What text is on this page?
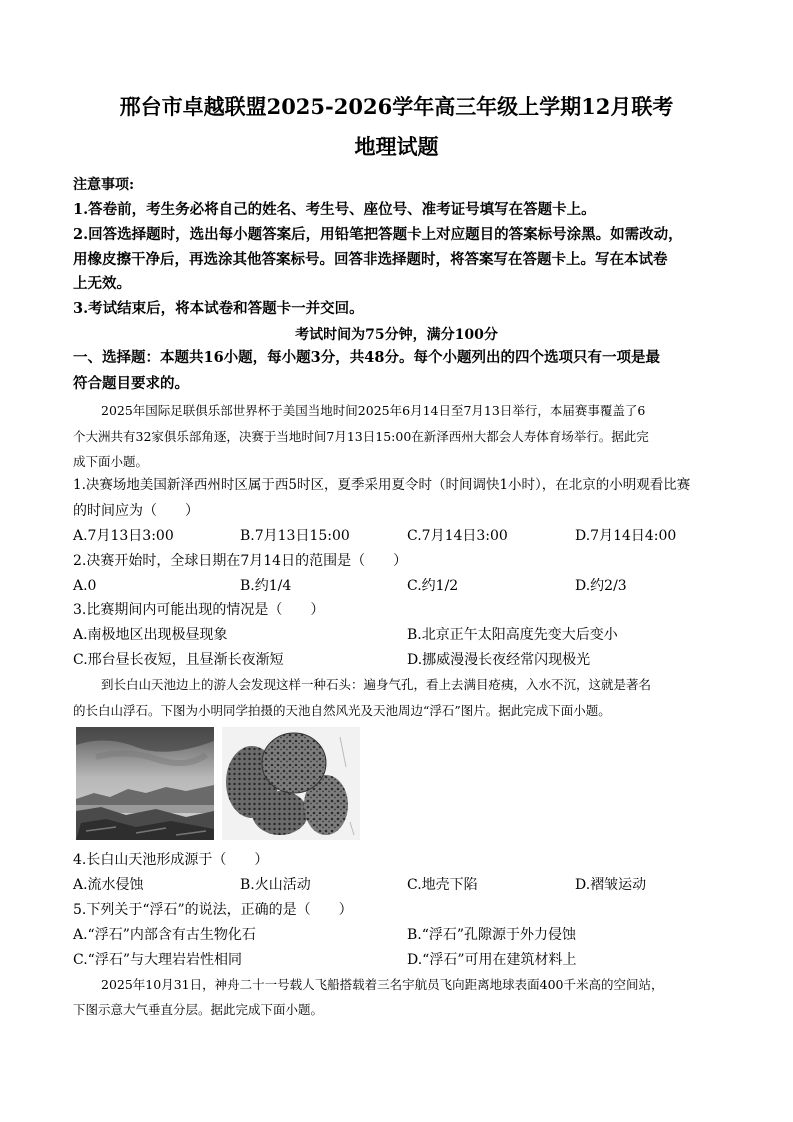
邢台市卓越联盟2025-2026学年高三年级上学期12月联考
地理试题
注意事项:
1.答卷前，考生务必将自己的姓名、考生号、座位号、准考证号填写在答题卡上。
2.回答选择题时，选出每小题答案后，用铅笔把答题卡上对应题目的答案标号涂黑。如需改动，
用橡皮擦干净后，再选涂其他答案标号。回答非选择题时，将答案写在答题卡上。写在本试卷
上无效。
3.考试结束后，将本试卷和答题卡一并交回。
考试时间为75分钟，满分100分
一、选择题：本题共16小题，每小题3分，共48分。每个小题列出的四个选项只有一项是最
符合题目要求的。
2025年国际足联俱乐部世界杯于美国当地时间2025年6月14日至7月13日举行，本届赛事覆盖了6
个大洲共有32家俱乐部角逐，决赛于当地时间7月13日15:00在新泽西州大都会人寿体育场举行。据此完
成下面小题。
1.决赛场地美国新泽西州时区属于西5时区，夏季采用夏令时（时间调快1小时），在北京的小明观看比赛
的时间应为（　　）
A.7月13日3:00	B.7月13日15:00	C.7月14日3:00	D.7月14日4:00
2.决赛开始时，全球日期在7月14日的范围是（　　）
A.0	B.约1/4	C.约1/2	D.约2/3
3.比赛期间内可能出现的情况是（　　）
A.南极地区出现极昼现象	B.北京正午太阳高度先变大后变小
C.邢台昼长夜短，且昼渐长夜渐短	D.挪威漫漫长夜经常闪现极光
到长白山天池边上的游人会发现这样一种石头：遍身气孔，看上去满目疮痍，入水不沉，这就是著名
的长白山浮石。下图为小明同学拍摄的天池自然风光及天池周边“浮石”图片。据此完成下面小题。
4.长白山天池形成源于（　　）
A.流水侵蚀	B.火山活动	C.地壳下陷	D.褶皱运动
5.下列关于“浮石”的说法，正确的是（　　）
A.“浮石”内部含有古生物化石	B.“浮石”孔隙源于外力侵蚀
C.“浮石”与大理岩岩性相同	D.“浮石”可用在建筑材料上
2025年10月31日，神舟二十一号载人飞船搭载着三名宇航员飞向距离地球表面400千米高的空间站，
下图示意大气垂直分层。据此完成下面小题。
